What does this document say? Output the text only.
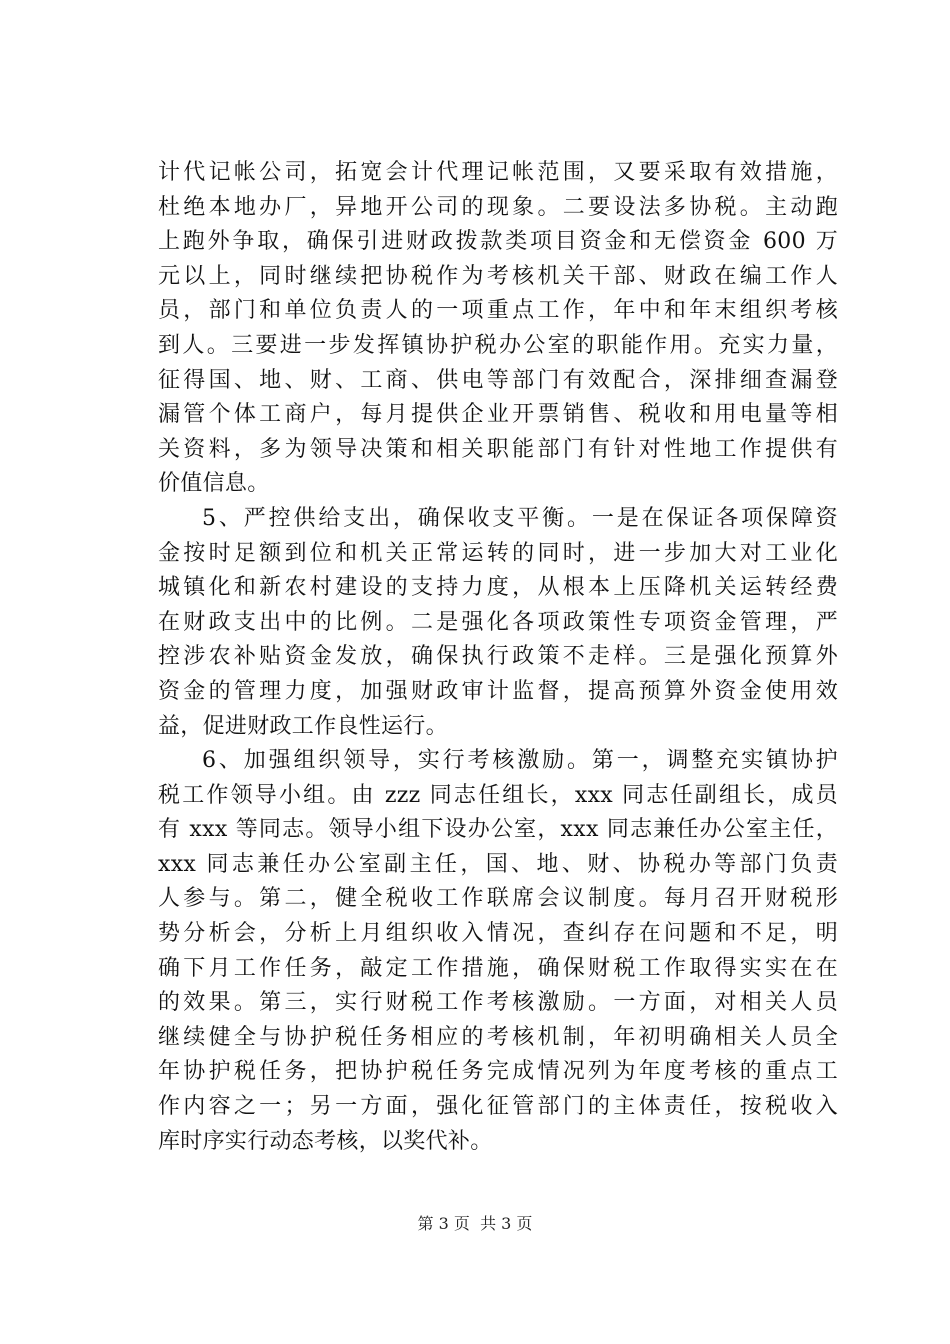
计代记帐公司，拓宽会计代理记帐范围，又要采取有效措施，
杜绝本地办厂，异地开公司的现象。二要设法多协税。主动跑
上跑外争取，确保引进财政拨款类项目资金和无偿资金 600 万
元以上，同时继续把协税作为考核机关干部、财政在编工作人
员，部门和单位负责人的一项重点工作，年中和年末组织考核
到人。三要进一步发挥镇协护税办公室的职能作用。充实力量，
征得国、地、财、工商、供电等部门有效配合，深排细查漏登
漏管个体工商户，每月提供企业开票销售、税收和用电量等相
关资料，多为领导决策和相关职能部门有针对性地工作提供有
价值信息。
5、严控供给支出，确保收支平衡。一是在保证各项保障资
金按时足额到位和机关正常运转的同时，进一步加大对工业化
城镇化和新农村建设的支持力度，从根本上压降机关运转经费
在财政支出中的比例。二是强化各项政策性专项资金管理，严
控涉农补贴资金发放，确保执行政策不走样。三是强化预算外
资金的管理力度，加强财政审计监督，提高预算外资金使用效
益，促进财政工作良性运行。
6、加强组织领导，实行考核激励。第一，调整充实镇协护
税工作领导小组。由 zzz 同志任组长，xxx 同志任副组长，成员
有 xxx 等同志。领导小组下设办公室，xxx 同志兼任办公室主任，
xxx 同志兼任办公室副主任，国、地、财、协税办等部门负责
人参与。第二，健全税收工作联席会议制度。每月召开财税形
势分析会，分析上月组织收入情况，查纠存在问题和不足，明
确下月工作任务，敲定工作措施，确保财税工作取得实实在在
的效果。第三，实行财税工作考核激励。一方面，对相关人员
继续健全与协护税任务相应的考核机制，年初明确相关人员全
年协护税任务，把协护税任务完成情况列为年度考核的重点工
作内容之一；另一方面，强化征管部门的主体责任，按税收入
库时序实行动态考核，以奖代补。
第 3 页  共 3 页
